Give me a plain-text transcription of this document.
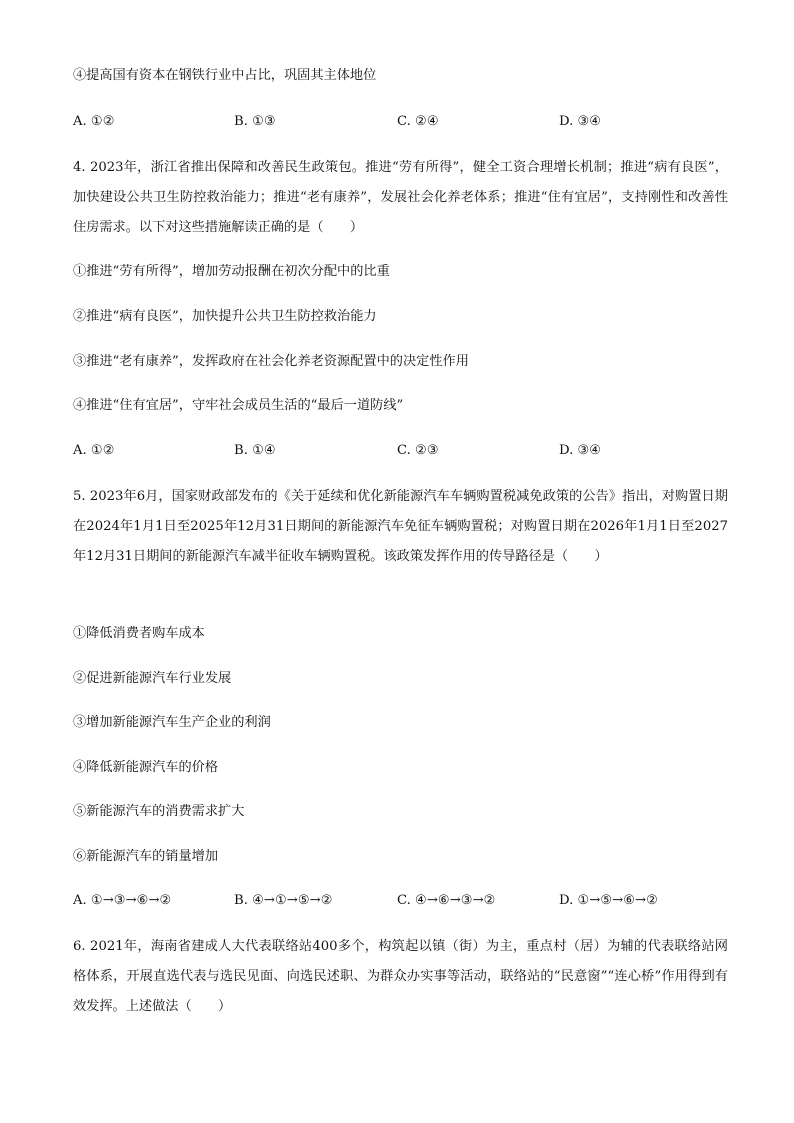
④提高国有资本在钢铁行业中占比，巩固其主体地位
A. ①②	B. ①③	C. ②④	D. ③④
4. 2023年，浙江省推出保障和改善民生政策包。推进“劳有所得”，健全工资合理增长机制；推进“病有良医”，加快建设公共卫生防控救治能力；推进“老有康养”，发展社会化养老体系；推进“住有宜居”，支持刚性和改善性住房需求。以下对这些措施解读正确的是（　　）
①推进“劳有所得”，增加劳动报酬在初次分配中的比重
②推进“病有良医”，加快提升公共卫生防控救治能力
③推进“老有康养”，发挥政府在社会化养老资源配置中的决定性作用
④推进“住有宜居”，守牢社会成员生活的“最后一道防线”
A. ①②	B. ①④	C. ②③	D. ③④
5. 2023年6月，国家财政部发布的《关于延续和优化新能源汽车车辆购置税减免政策的公告》指出，对购置日期在2024年1月1日至2025年12月31日期间的新能源汽车免征车辆购置税；对购置日期在2026年1月1日至2027年12月31日期间的新能源汽车减半征收车辆购置税。该政策发挥作用的传导路径是（　　）
①降低消费者购车成本
②促进新能源汽车行业发展
③增加新能源汽车生产企业的利润
④降低新能源汽车的价格
⑤新能源汽车的消费需求扩大
⑥新能源汽车的销量增加
A. ①→③→⑥→②	B. ④→①→⑤→②	C. ④→⑥→③→②	D. ①→⑤→⑥→②
6. 2021年，海南省建成人大代表联络站400多个，构筑起以镇（街）为主，重点村（居）为辅的代表联络站网格体系，开展直选代表与选民见面、向选民述职、为群众办实事等活动，联络站的“民意窗”“连心桥”作用得到有效发挥。上述做法（　　）
